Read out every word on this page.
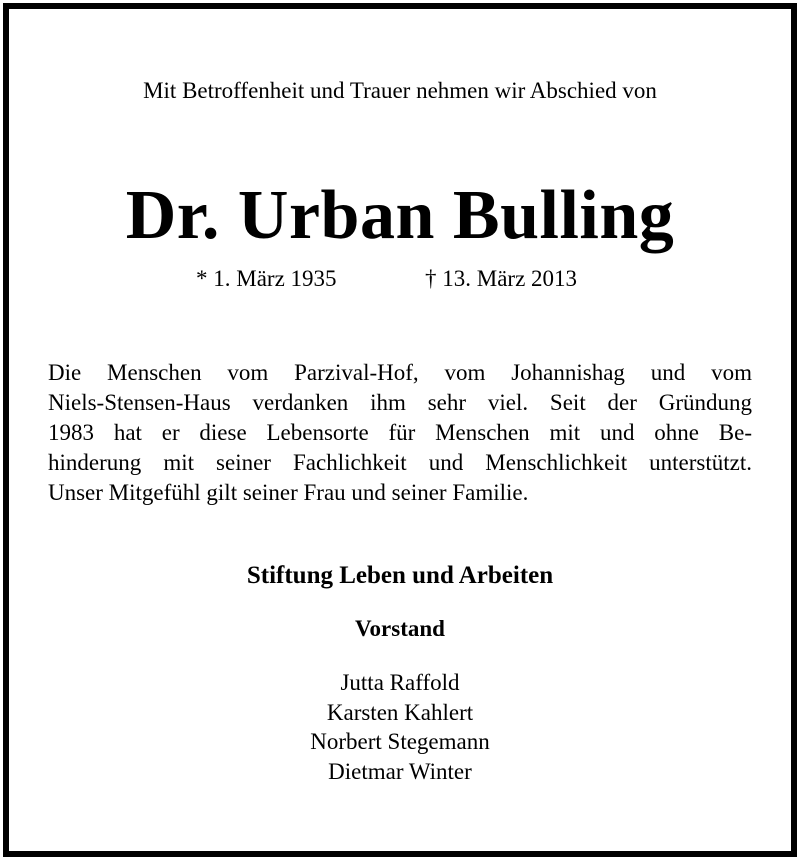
Mit Betroffenheit und Trauer nehmen wir Abschied von
Dr. Urban Bulling
* 1. März 1935	† 13. März 2013
Die Menschen vom Parzival-Hof, vom Johannishag und vom
Niels-Stensen-Haus verdanken ihm sehr viel. Seit der Gründung
1983 hat er diese Lebensorte für Menschen mit und ohne Be-
hinderung mit seiner Fachlichkeit und Menschlichkeit unterstützt.
Unser Mitgefühl gilt seiner Frau und seiner Familie.
Stiftung Leben und Arbeiten
Vorstand
Jutta Raffold
Karsten Kahlert
Norbert Stegemann
Dietmar Winter
